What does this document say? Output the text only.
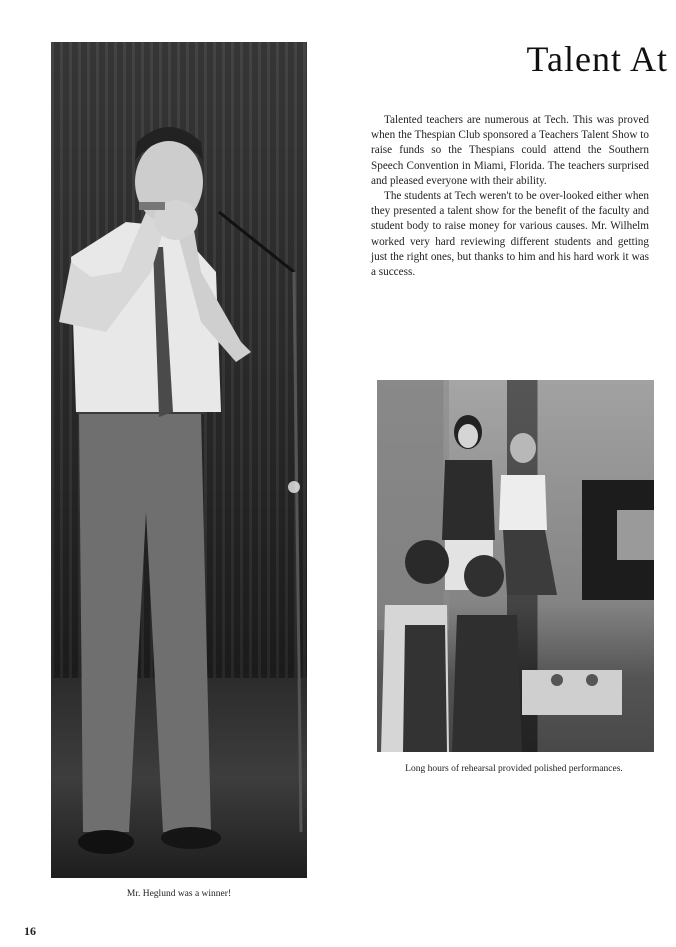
Talent At

Talented teachers are numerous at Tech. This was proved when the Thespian Club sponsored a Teachers Talent Show to raise funds so the Thespians could attend the Southern Speech Convention in Miami, Florida. The teachers surprised and pleased everyone with their ability.

The students at Tech weren't to be over-looked either when they presented a talent show for the benefit of the faculty and student body to raise money for various causes. Mr. Wilhelm worked very hard reviewing different students and getting just the right ones, but thanks to him and his hard work it was a success.

Mr. Heglund was a winner!
Long hours of rehearsal provided polished performances.
16
